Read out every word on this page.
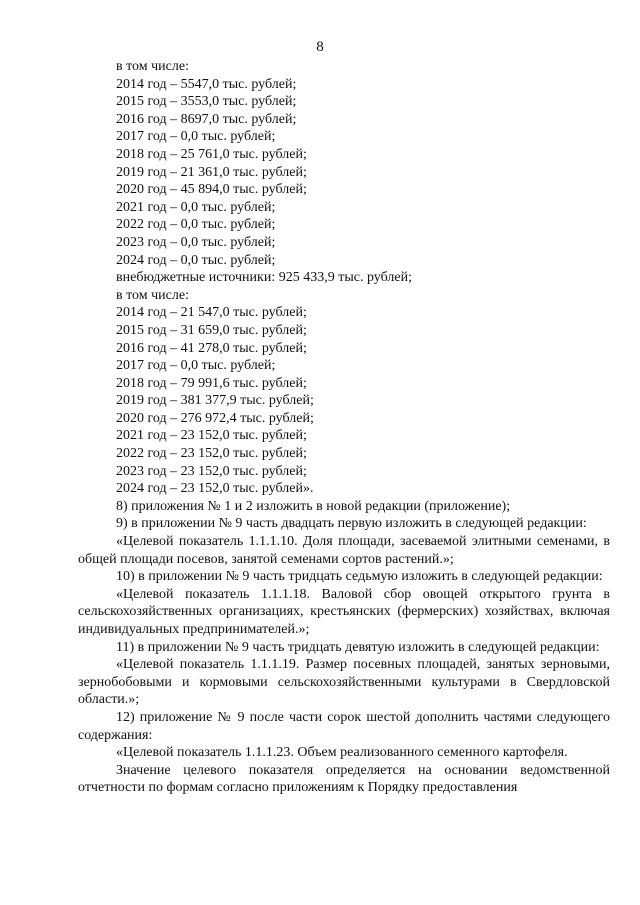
8
в том числе:
2014 год – 5547,0 тыс. рублей;
2015 год – 3553,0 тыс. рублей;
2016 год – 8697,0 тыс. рублей;
2017 год – 0,0 тыс. рублей;
2018 год – 25 761,0 тыс. рублей;
2019 год – 21 361,0 тыс. рублей;
2020 год – 45 894,0 тыс. рублей;
2021 год – 0,0 тыс. рублей;
2022 год – 0,0 тыс. рублей;
2023 год – 0,0 тыс. рублей;
2024 год – 0,0 тыс. рублей;
внебюджетные источники: 925 433,9 тыс. рублей;
в том числе:
2014 год – 21 547,0 тыс. рублей;
2015 год – 31 659,0 тыс. рублей;
2016 год – 41 278,0 тыс. рублей;
2017 год – 0,0 тыс. рублей;
2018 год – 79 991,6 тыс. рублей;
2019 год – 381 377,9 тыс. рублей;
2020 год – 276 972,4 тыс. рублей;
2021 год – 23 152,0 тыс. рублей;
2022 год – 23 152,0 тыс. рублей;
2023 год – 23 152,0 тыс. рублей;
2024 год – 23 152,0 тыс. рублей».

8) приложения № 1 и 2 изложить в новой редакции (приложение);

9) в приложении № 9 часть двадцать первую изложить в следующей редакции:

«Целевой показатель 1.1.1.10. Доля площади, засеваемой элитными семенами, в общей площади посевов, занятой семенами сортов растений.»;

10) в приложении № 9 часть тридцать седьмую изложить в следующей редакции:

«Целевой показатель 1.1.1.18. Валовой сбор овощей открытого грунта в сельскохозяйственных организациях, крестьянских (фермерских) хозяйствах, включая индивидуальных предпринимателей.»;

11) в приложении № 9 часть тридцать девятую изложить в следующей редакции:

«Целевой показатель 1.1.1.19. Размер посевных площадей, занятых зерновыми, зернобобовыми и кормовыми сельскохозяйственными культурами в Свердловской области.»;

12) приложение № 9 после части сорок шестой дополнить частями следующего содержания:

«Целевой показатель 1.1.1.23. Объем реализованного семенного картофеля.

Значение целевого показателя определяется на основании ведомственной отчетности по формам согласно приложениям к Порядку предоставления
